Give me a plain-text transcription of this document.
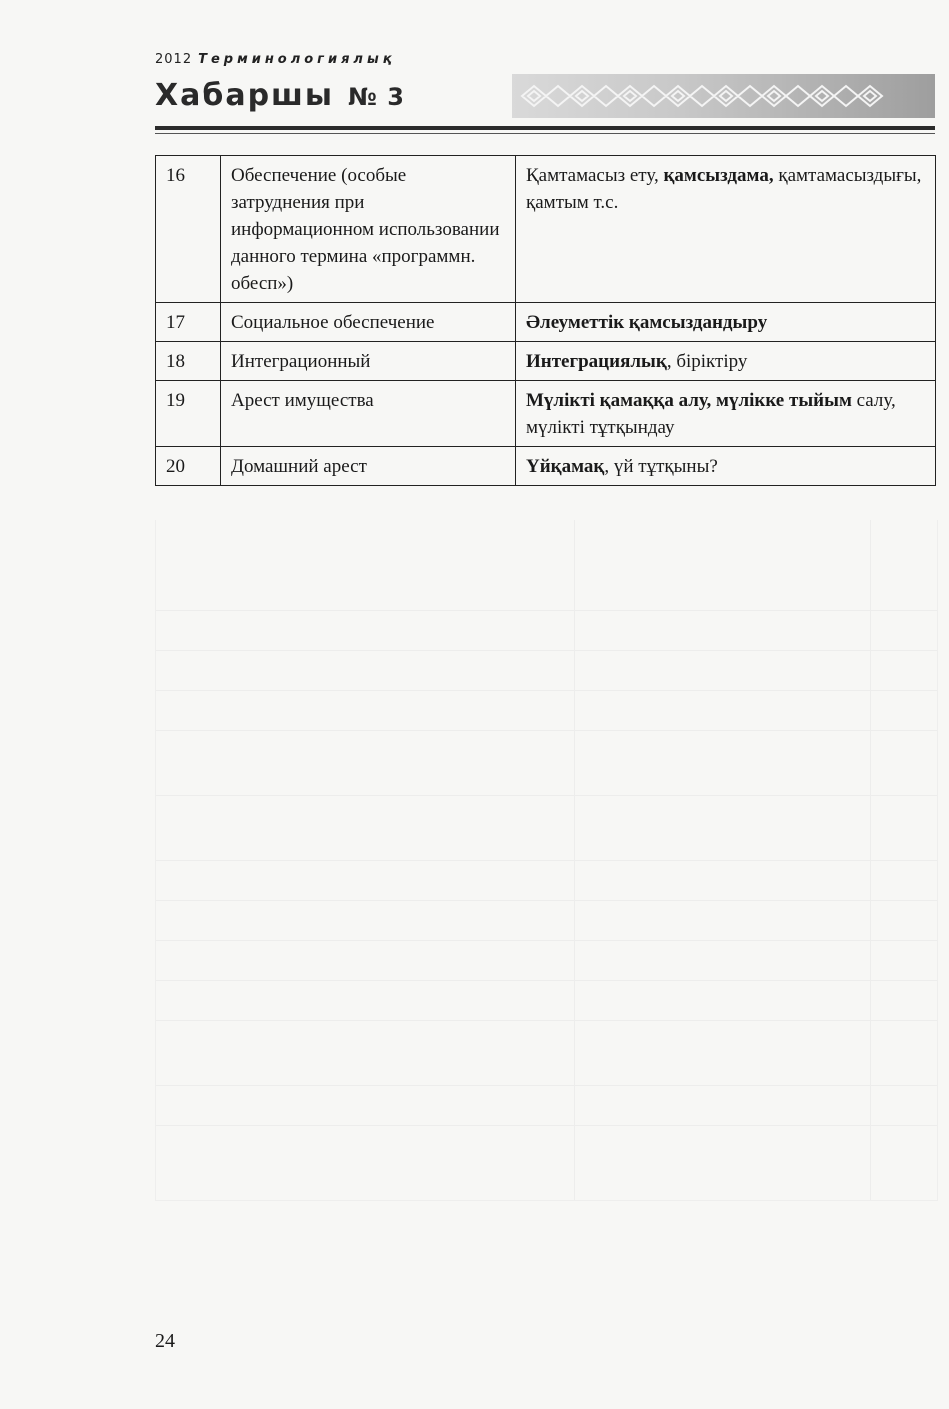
2012 Терминологиялық
Хабаршы № 3
16	Обеспечение (особые затруднения при информационном использовании данного термина «программн. обесп»)	Қамтамасыз ету, қамсыздама, қамтамасыздығы, қамтым т.с.
17	Социальное обеспечение	Әлеуметтік қамсыздандыру
18	Интеграционный	Интеграциялық, біріктіру
19	Арест имущества	Мүлікті қамаққа алу, мүлікке тыйым салу, мүлікті тұтқындау
20	Домашний арест	Үйқамақ, үй тұтқыны?
24
